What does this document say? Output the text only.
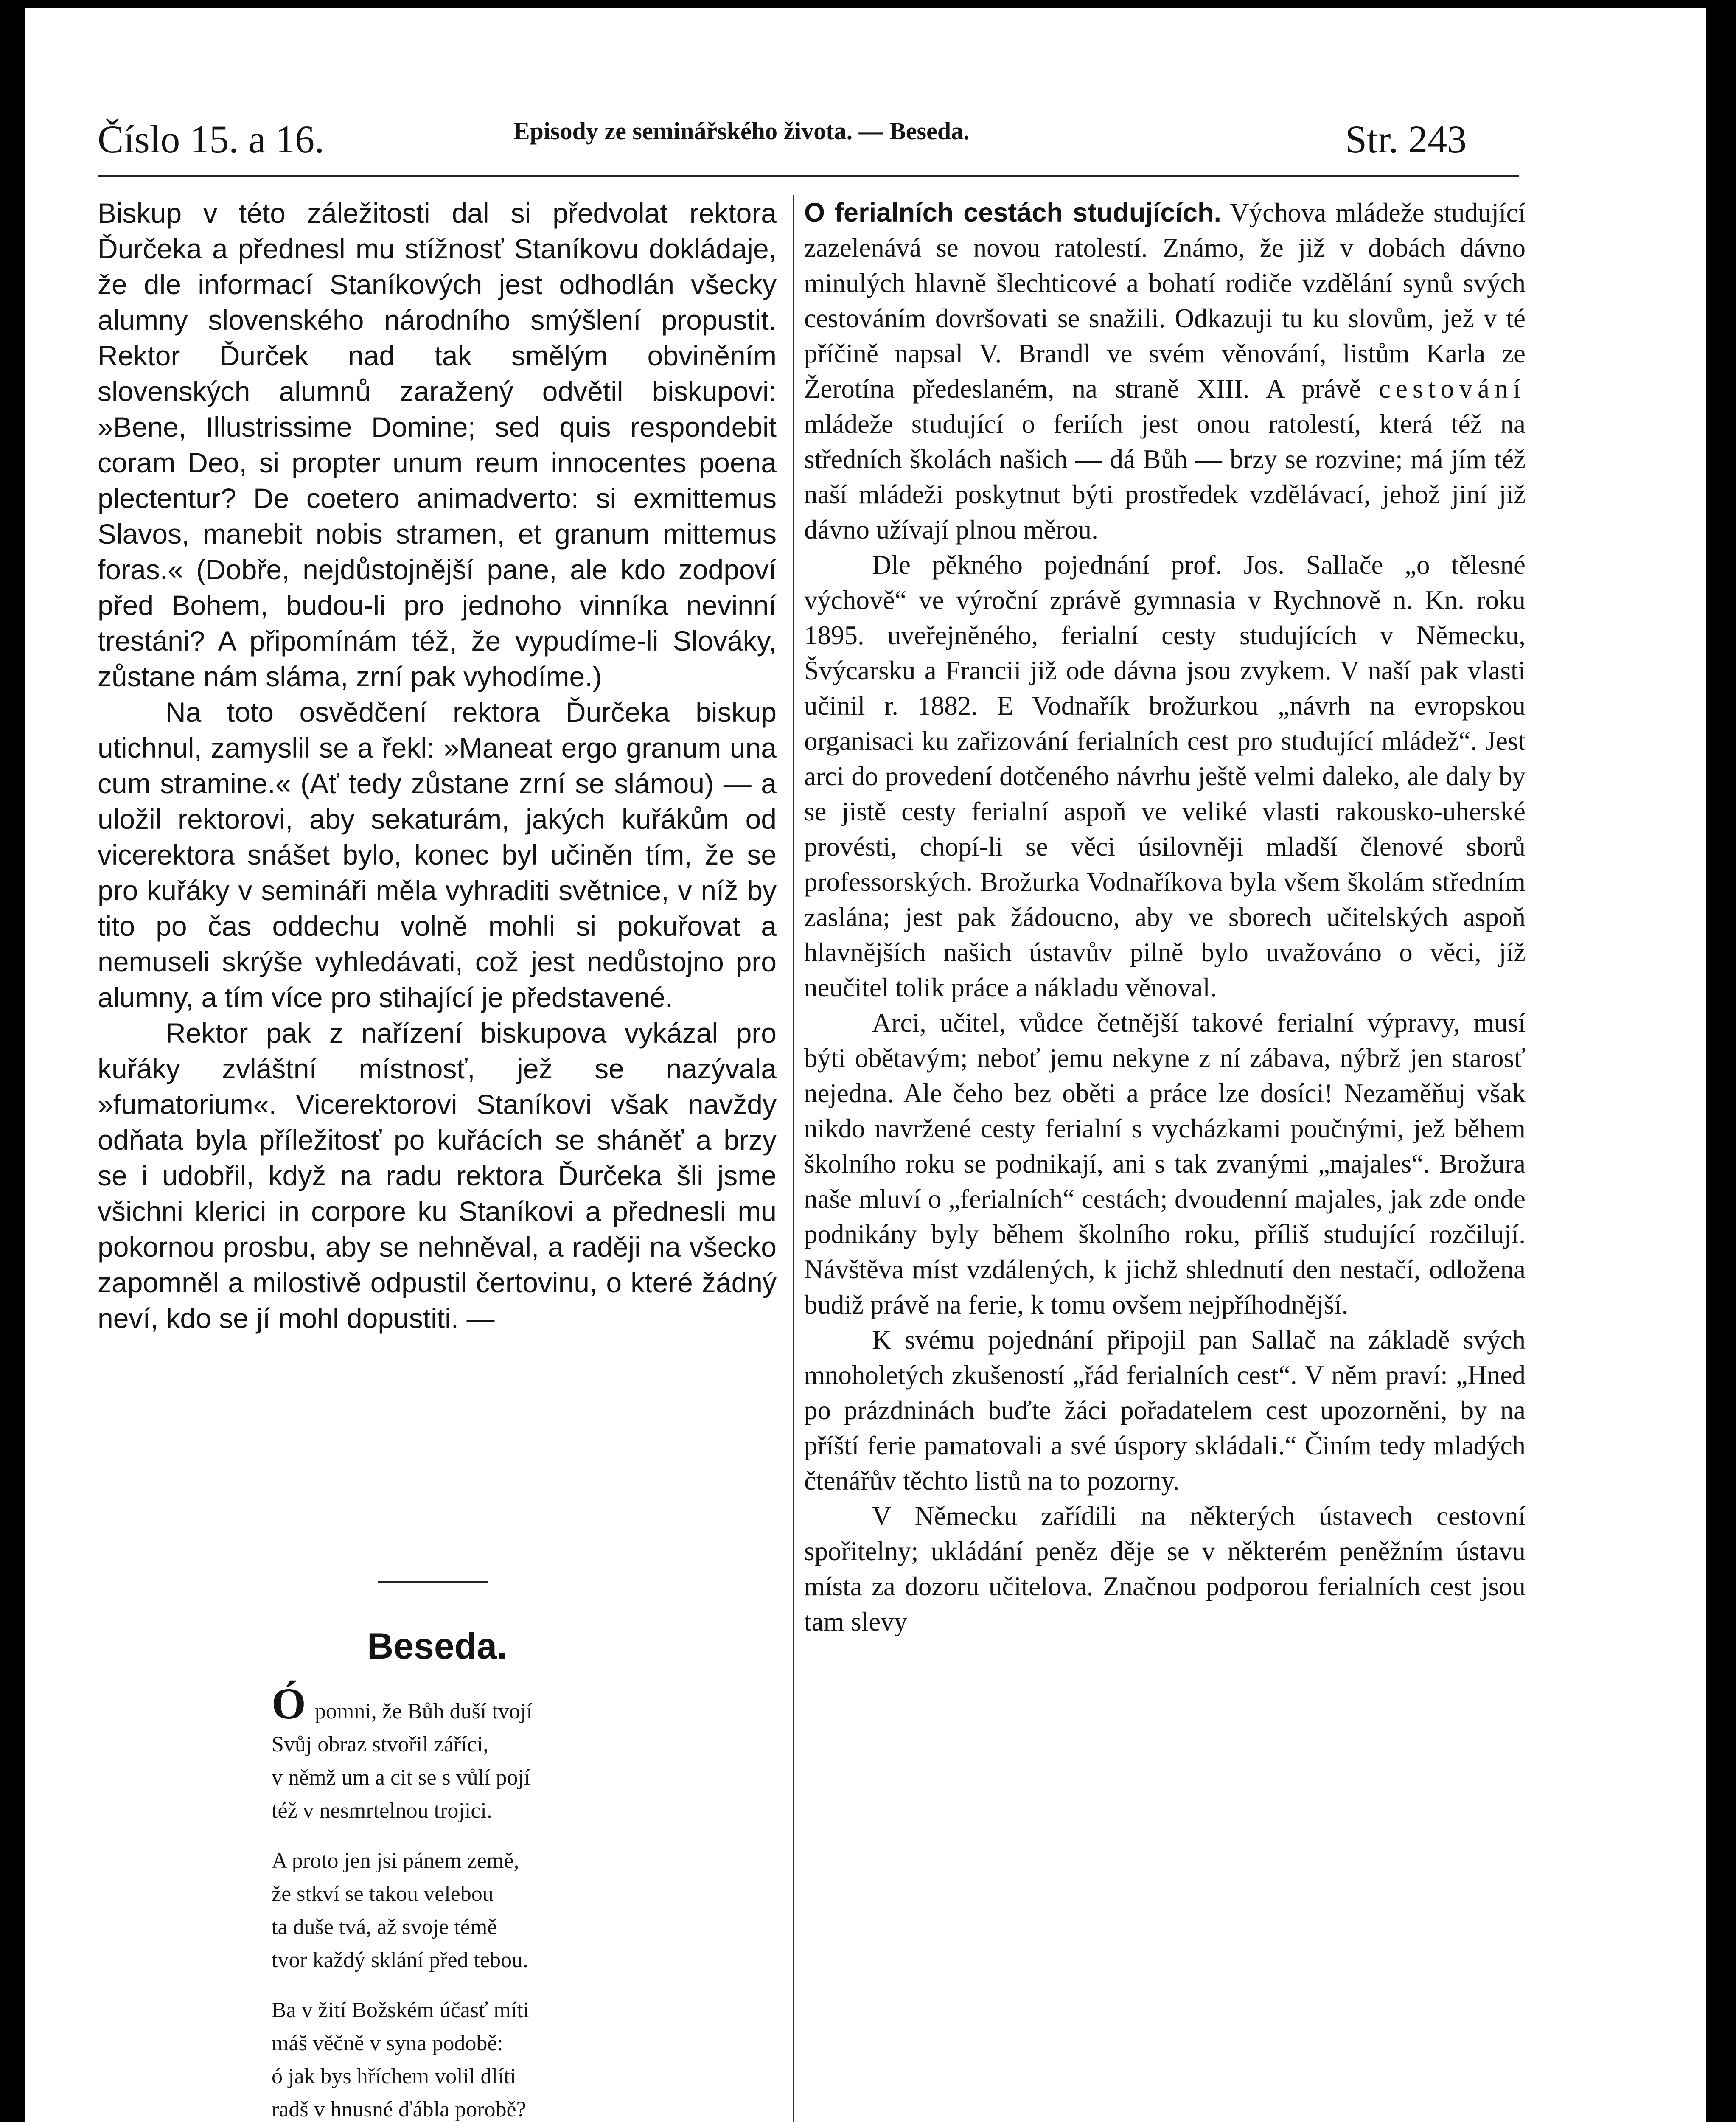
Číslo 15. a 16.	Episody ze seminářského života. — Beseda.	Str. 243

Biskup v této záležitosti dal si předvolat rektora Ďurčeka a přednesl mu stížnosť Staníkovu dokládaje, že dle informací Staníkových jest odhodlán všecky alumny slovenského národního smýšlení propustit. Rektor Ďurček nad tak smělým obviněním slovenských alumnů zaražený odvětil biskupovi: »Bene, Illustrissime Domine; sed quis respondebit coram Deo, si propter unum reum innocentes poena plectentur? De coetero animadverto: si exmittemus Slavos, manebit nobis stramen, et granum mittemus foras.« (Dobře, nejdůstojnější pane, ale kdo zodpoví před Bohem, budou-li pro jednoho vinníka nevinní trestáni? A připomínám též, že vypudíme-li Slováky, zůstane nám sláma, zrní pak vyhodíme.)

Na toto osvědčení rektora Ďurčeka biskup utichnul, zamyslil se a řekl: »Maneat ergo granum una cum stramine.« (Ať tedy zůstane zrní se slámou) — a uložil rektorovi, aby sekaturám, jakých kuřákům od vicerektora snášet bylo, konec byl učiněn tím, že se pro kuřáky v semináři měla vyhraditi světnice, v níž by tito po čas oddechu volně mohli si pokuřovat a nemuseli skrýše vyhledávati, což jest nedůstojno pro alumny, a tím více pro stihající je představené.

Rektor pak z nařízení biskupova vykázal pro kuřáky zvláštní místnosť, jež se nazývala »fumatorium«. Vicerektorovi Staníkovi však navždy odňata byla příležitosť po kuřácích se sháněť a brzy se i udobřil, když na radu rektora Ďurčeka šli jsme všichni klerici in corpore ku Staníkovi a přednesli mu pokornou prosbu, aby se nehněval, a raději na všecko zapomněl a milostivě odpustil čertovinu, o které žádný neví, kdo se jí mohl dopustiti. —

Beseda.
Ó pomni, že Bůh duší tvojí
Svůj obraz stvořil záříci,
v němž um a cit se s vůlí pojí
též v nesmrtelnou trojici.
A proto jen jsi pánem země,
že stkví se takou velebou
ta duše tvá, až svoje témě
tvor každý sklání před tebou.
Ba v žití Božském účasť míti
máš věčně v syna podobě:
ó jak bys hříchem volil dlíti
radš v hnusné ďábla porobě?

O ferialních cestách studujících. Výchova mládeže studující zazelenává se novou ratolestí. Známo, že již v dobách dávno minulých hlavně šlechticové a bohatí rodiče vzdělání synů svých cestováním dovršovati se snažili. Odkazuji tu ku slovům, jež v té příčině napsal V. Brandl ve svém věnování, listům Karla ze Žerotína předeslaném, na straně XIII. A právě cestování mládeže studující o feriích jest onou ratolestí, která též na středních školách našich — dá Bůh — brzy se rozvine; má jím též naší mládeži poskytnut býti prostředek vzdělávací, jehož jiní již dávno užívají plnou měrou.

Dle pěkného pojednání prof. Jos. Sallače „o tělesné výchově“ ve výroční zprávě gymnasia v Rychnově n. Kn. roku 1895. uveřejněného, ferialní cesty studujících v Německu, Švýcarsku a Francii již ode dávna jsou zvykem. V naší pak vlasti učinil r. 1882. E Vodnařík brožurkou „návrh na evropskou organisaci ku zařizování ferialních cest pro studující mládež“. Jest arci do provedení dotčeného návrhu ještě velmi daleko, ale daly by se jistě cesty ferialní aspoň ve veliké vlasti rakousko-uherské provésti, chopí-li se věci úsilovněji mladší členové sborů professorských. Brožurka Vodnaříkova byla všem školám středním zaslána; jest pak žádoucno, aby ve sborech učitelských aspoň hlavnějších našich ústavův pilně bylo uvažováno o věci, jíž neučitel tolik práce a nákladu věnoval.

Arci, učitel, vůdce četnější takové ferialní výpravy, musí býti obětavým; neboť jemu nekyne z ní zábava, nýbrž jen starosť nejedna. Ale čeho bez oběti a práce lze dosíci! Nezaměňuj však nikdo navržené cesty ferialní s vycházkami poučnými, jež během školního roku se podnikají, ani s tak zvanými „majales“. Brožura naše mluví o „ferialních“ cestách; dvoudenní majales, jak zde onde podnikány byly během školního roku, příliš studující rozčilují. Návštěva míst vzdálených, k jichž shlednutí den nestačí, odložena budiž právě na ferie, k tomu ovšem nejpříhodnější.

K svému pojednání připojil pan Sallač na základě svých mnoholetých zkušeností „řád ferialních cest“. V něm praví: „Hned po prázdninách buďte žáci pořadatelem cest upozorněni, by na příští ferie pamatovali a své úspory skládali.“ Činím tedy mladých čtenářův těchto listů na to pozorny.

V Německu zařídili na některých ústavech cestovní spořitelny; ukládání peněz děje se v některém peněžním ústavu místa za dozoru učitelova. Značnou podporou ferialních cest jsou tam slevy
